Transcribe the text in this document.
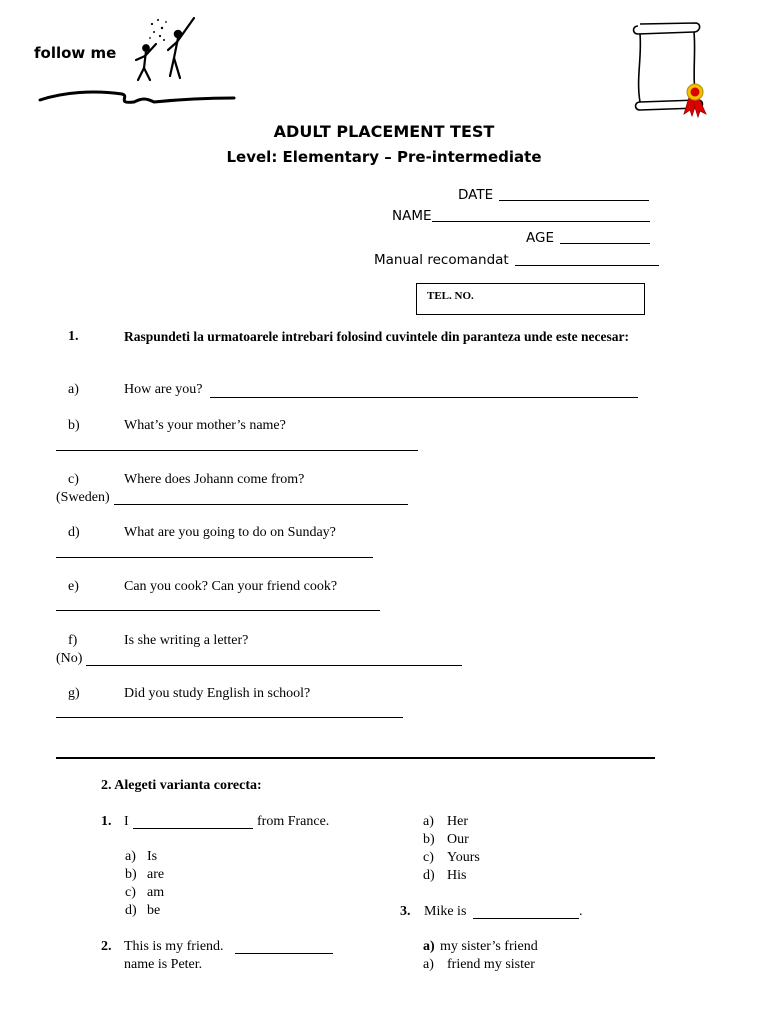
follow me
ADULT PLACEMENT TEST
Level: Elementary – Pre-intermediate
DATE
NAME
AGE
Manual recomandat
TEL. NO.
1.	Raspundeti la urmatoarele intrebari folosind cuvintele din paranteza unde este necesar:
a)	How are you?
b)	What’s your mother’s name?
c)	Where does Johann come from?
(Sweden)
d)	What are you going to do on Sunday?
e)	Can you cook? Can your friend cook?
f)	Is she writing a letter?
(No)
g)	Did you study English in school?
2. Alegeti varianta corecta:
1. I	from France.
a) Is
b) are
c) am
d) be
a) Her
b) Our
c) Yours
d) His
3. Mike is	.
2. This is my friend.
name is Peter.
a) my sister’s friend
a) friend my sister
